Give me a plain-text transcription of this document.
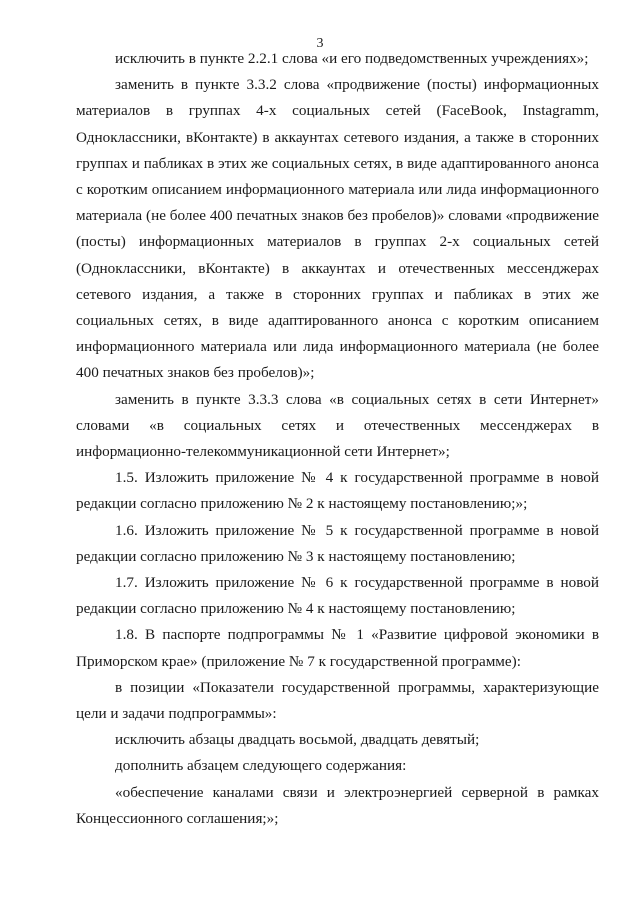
3

исключить в пункте 2.2.1 слова «и его подведомственных учреждениях»;

заменить в пункте 3.3.2 слова «продвижение (посты) информационных материалов в группах 4-х социальных сетей (FaceBook, Instagramm, Одноклассники, вКонтакте) в аккаунтах сетевого издания, а также в сторонних группах и пабликах в этих же социальных сетях, в виде адаптированного анонса с коротким описанием информационного материала или лида информационного материала (не более 400 печатных знаков без пробелов)» словами «продвижение (посты) информационных материалов в группах 2-х социальных сетей (Одноклассники, вКонтакте) в аккаунтах и отечественных мессенджерах сетевого издания, а также в сторонних группах и пабликах в этих же социальных сетях, в виде адаптированного анонса с коротким описанием информационного материала или лида информационного материала (не более 400 печатных знаков без пробелов)»;

заменить в пункте 3.3.3 слова «в социальных сетях в сети Интернет» словами «в социальных сетях и отечественных мессенджерах в информационно-телекоммуникационной сети Интернет»;

1.5. Изложить приложение № 4 к государственной программе в новой редакции согласно приложению № 2 к настоящему постановлению;»;

1.6. Изложить приложение № 5 к государственной программе в новой редакции согласно приложению № 3 к настоящему постановлению;

1.7. Изложить приложение № 6 к государственной программе в новой редакции согласно приложению № 4 к настоящему постановлению;

1.8. В паспорте подпрограммы № 1 «Развитие цифровой экономики в Приморском крае» (приложение № 7 к государственной программе):

в позиции «Показатели государственной программы, характеризующие цели и задачи подпрограммы»:

исключить абзацы двадцать восьмой, двадцать девятый;

дополнить абзацем следующего содержания:

«обеспечение каналами связи и электроэнергией серверной в рамках Концессионного соглашения;»;
